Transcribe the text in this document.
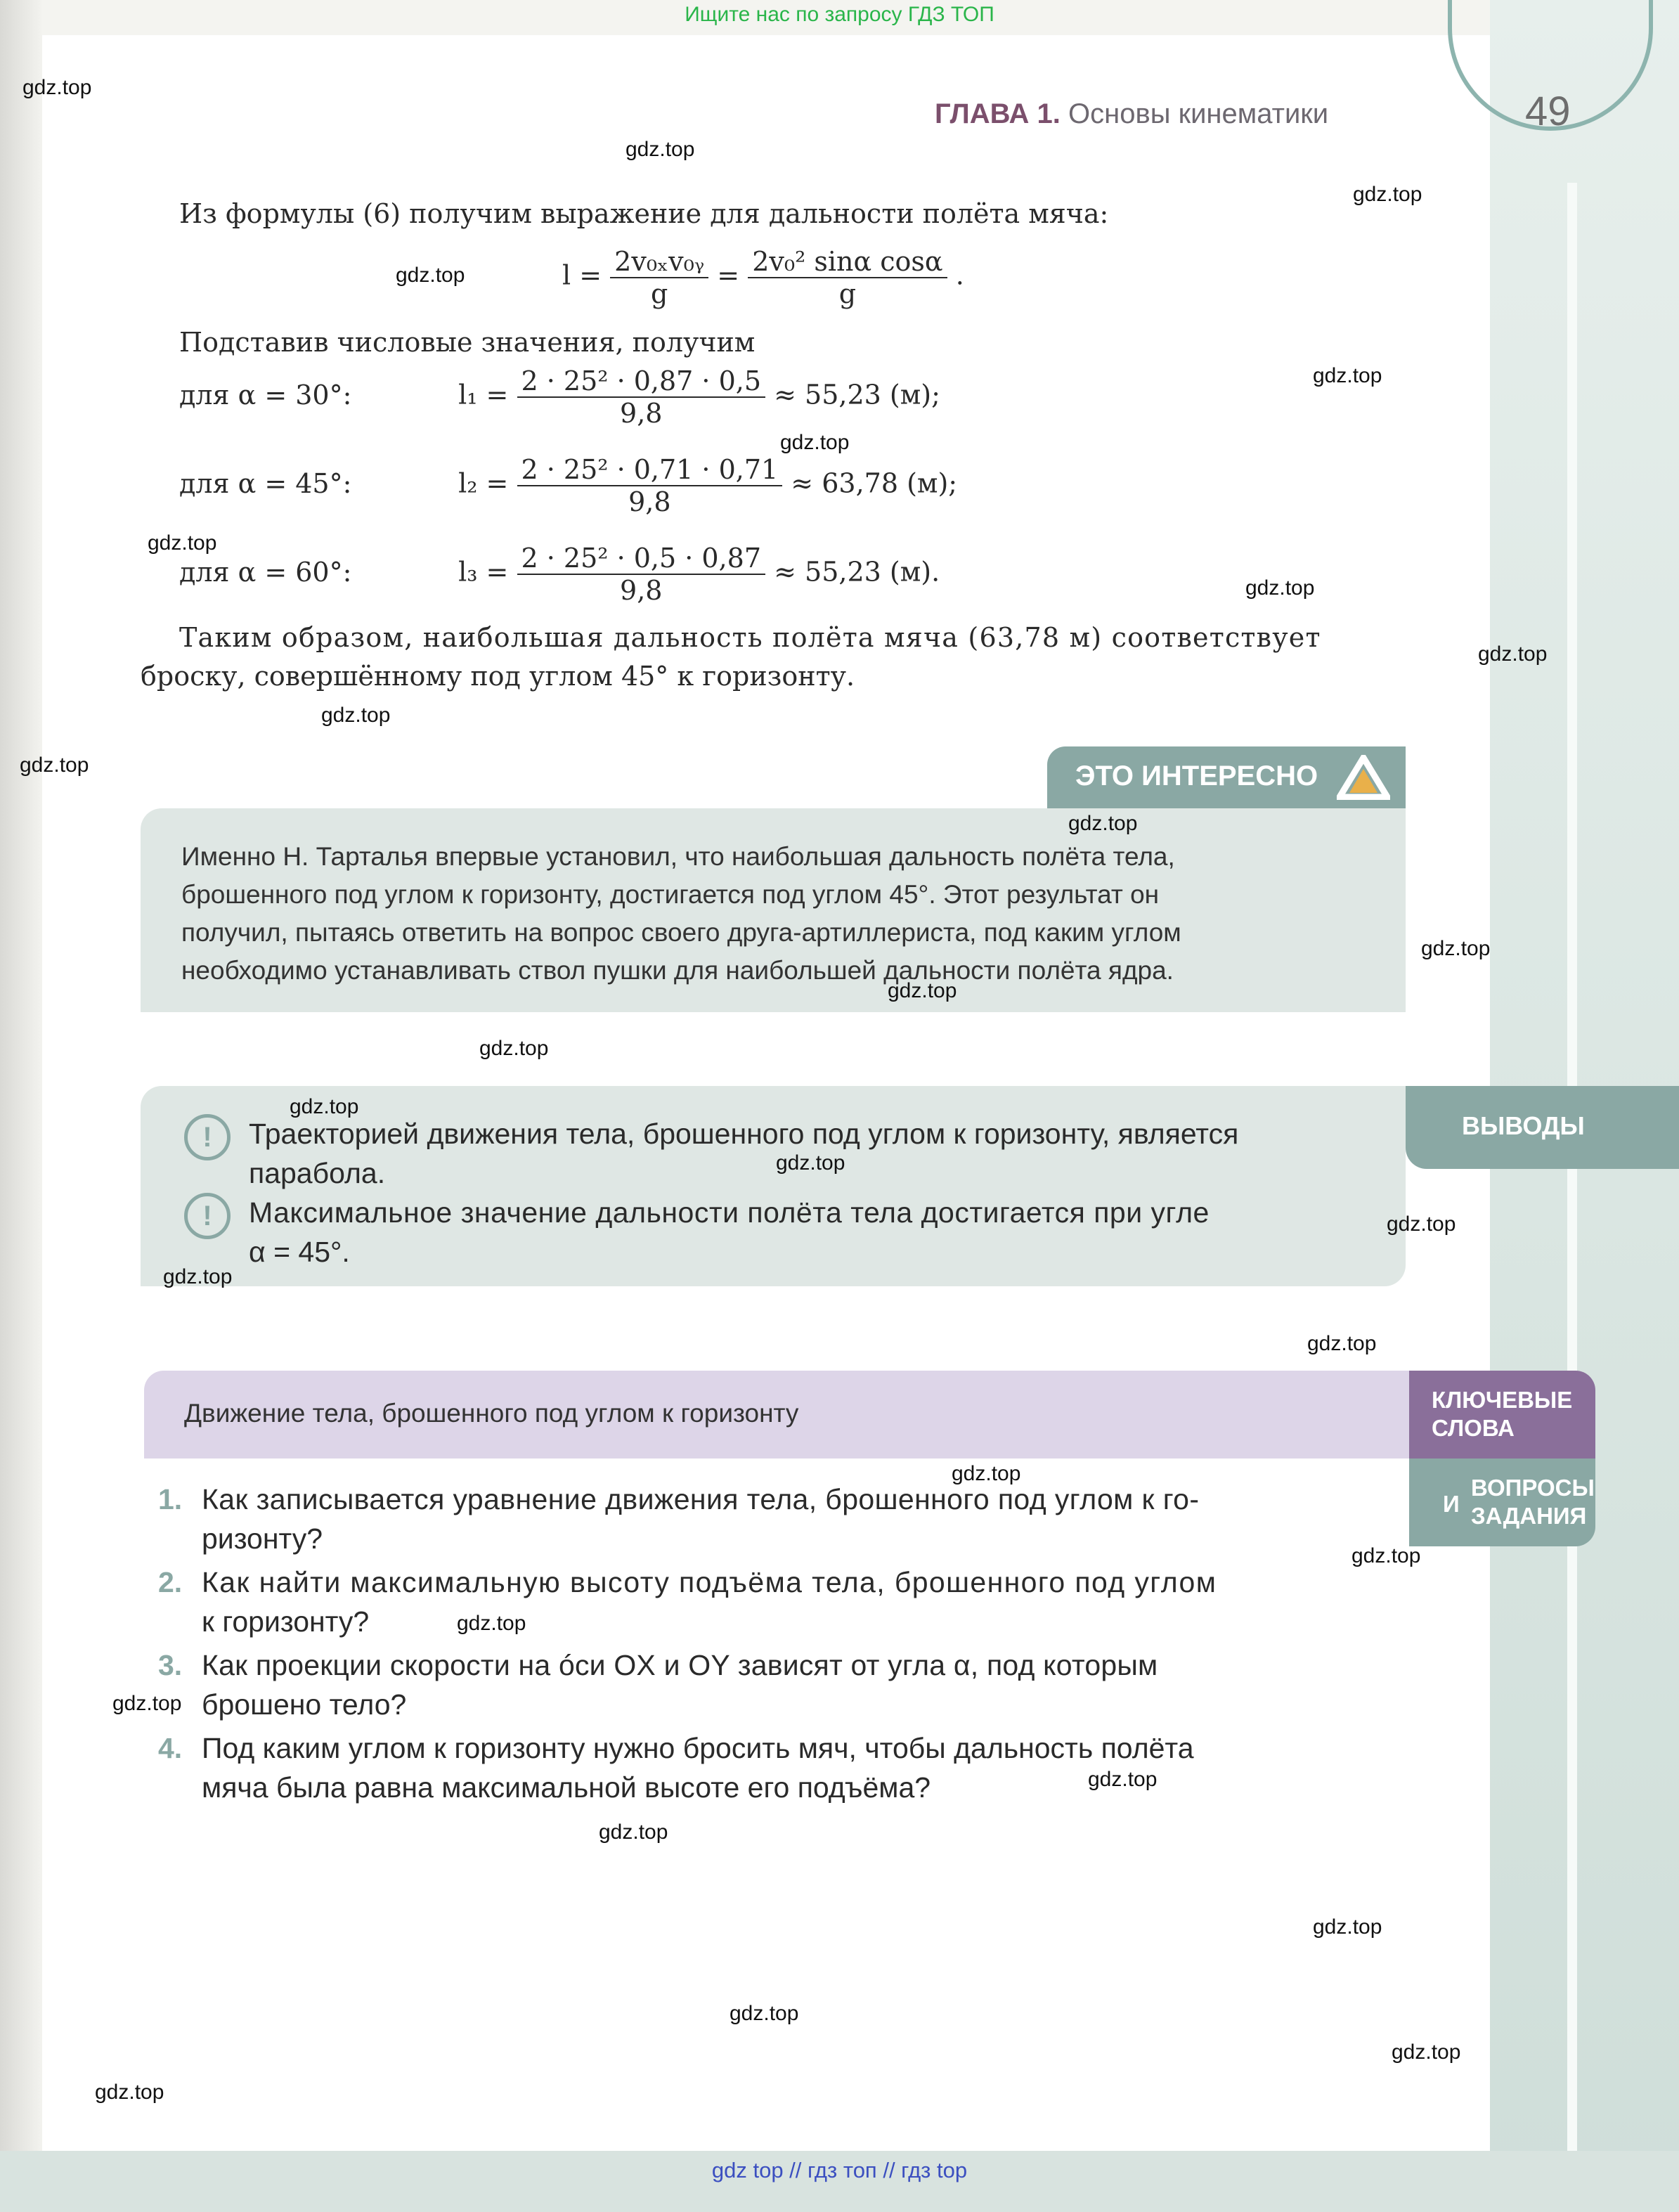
Ищите нас по запросу ГДЗ ТОП
gdz top // гдз топ // гдз top
ГЛАВА 1. Основы кинематики	49
Из формулы (6) получим выражение для дальности полёта мяча:
$l = \frac{\text{2v₀ₓv₀ᵧ}}{g} = \frac{\text{2v₀² sinα cosα}}{g}$ .
Подставив числовые значения, получим
для α = 30°:	$l_1 = \frac{\text{2 · 25² · 0,87 · 0,5}}{9,8} \approx 55,23$ (м);
для α = 45°:	$l_2 = \frac{\text{2 · 25² · 0,71 · 0,71}}{9,8} \approx 63,78$ (м);
для α = 60°:	$l_3 = \frac{\text{2 · 25² · 0,5 · 0,87}}{9,8} \approx 55,23$ (м).
Таким образом, наибольшая дальность полёта мяча (63,78 м) соответствует
броску, совершённому под углом 45° к горизонту.
ЭТО ИНТЕРЕСНО
Именно Н. Тарталья впервые установил, что наибольшая дальность полёта тела,
брошенного под углом к горизонту, достигается под углом 45°. Этот результат он
получил, пытаясь ответить на вопрос своего друга-артиллериста, под каким углом
необходимо устанавливать ствол пушки для наибольшей дальности полёта ядра.
ВЫВОДЫ
!	Траекторией движения тела, брошенного под углом к горизонту, является
парабола.
!	Максимальное значение дальности полёта тела достигается при угле
α = 45°.
Движение тела, брошенного под углом к горизонту	КЛЮЧЕВЫЕ
СЛОВА
И
ВОПРОСЫ
ЗАДАНИЯ
1. Как записывается уравнение движения тела, брошенного под углом к го-
ризонту?
2. Как найти максимальную высоту подъёма тела, брошенного под углом
к горизонту?
3. Как проекции скорости на óси OX и OY зависят от угла α, под которым
брошено тело?
4. Под каким углом к горизонту нужно бросить мяч, чтобы дальность полёта
мяча была равна максимальной высоте его подъёма?
gdz.top
gdz.top
gdz.top
gdz.top
gdz.top
gdz.top
gdz.top
gdz.top
gdz.top
gdz.top
gdz.top
gdz.top
gdz.top
gdz.top
gdz.top
gdz.top
gdz.top
gdz.top
gdz.top
gdz.top
gdz.top
gdz.top
gdz.top
gdz.top
gdz.top
gdz.top
gdz.top
gdz.top
gdz.top
gdz.top
